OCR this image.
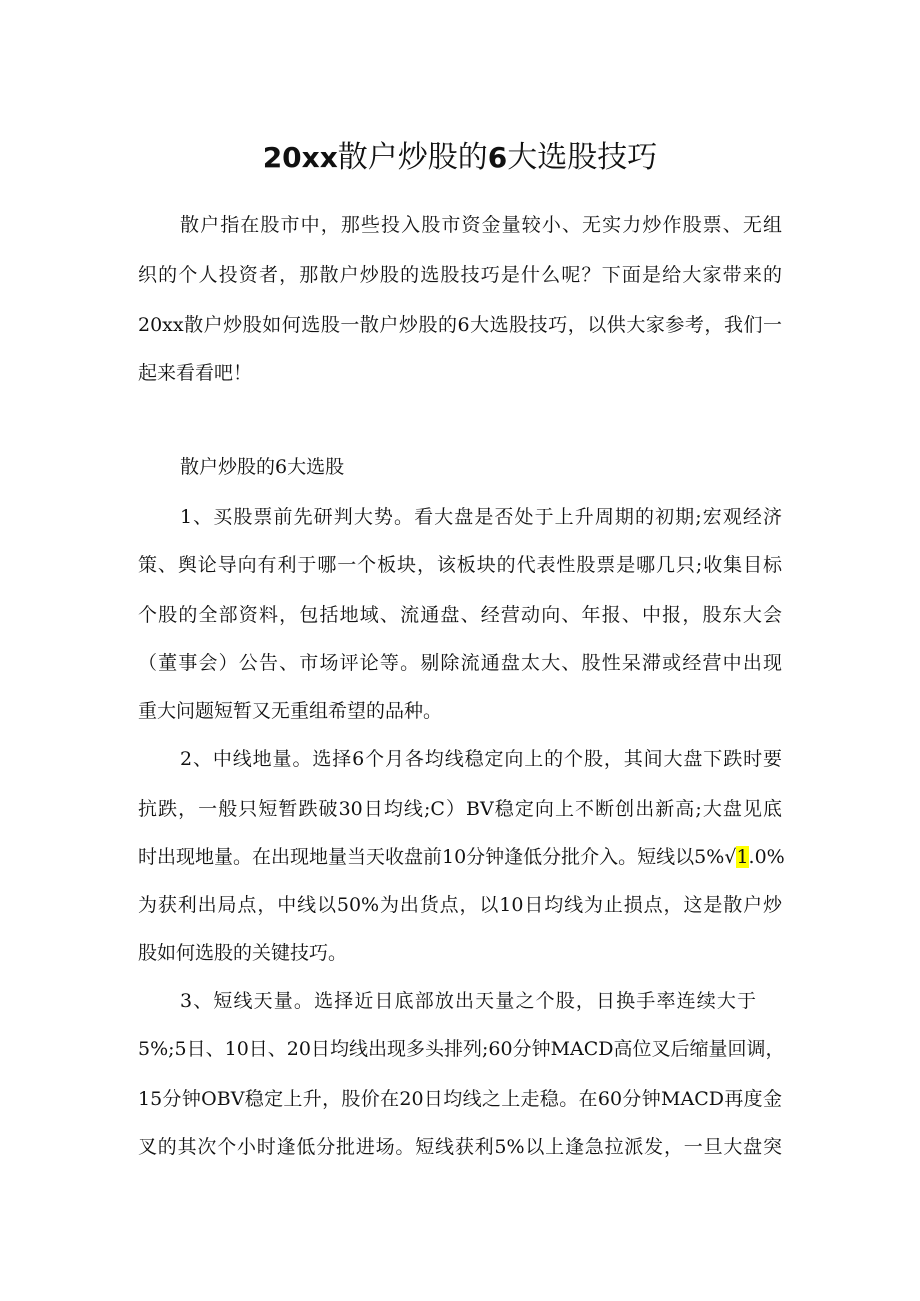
20xx散户炒股的6大选股技巧

散户指在股市中，那些投入股市资金量较小、无实力炒作股票、无组

织的个人投资者，那散户炒股的选股技巧是什么呢？下面是给大家带来的

20xx散户炒股如何选股一散户炒股的6大选股技巧，以供大家参考，我们一

起来看看吧！

散户炒股的6大选股

1、买股票前先研判大势。看大盘是否处于上升周期的初期;宏观经济

策、舆论导向有利于哪一个板块，该板块的代表性股票是哪几只;收集目标

个股的全部资料，包括地域、流通盘、经营动向、年报、中报，股东大会

（董事会）公告、市场评论等。剔除流通盘太大、股性呆滞或经营中出现

重大问题短暂又无重组希望的品种。

2、中线地量。选择6个月各均线稳定向上的个股，其间大盘下跌时要

抗跌，一般只短暂跌破30日均线;C）BV稳定向上不断创出新高;大盘见底

时出现地量。在出现地量当天收盘前10分钟逢低分批介入。短线以5%√1.0%

为获利出局点，中线以50%为出货点，以10日均线为止损点，这是散户炒

股如何选股的关键技巧。

3、短线天量。选择近日底部放出天量之个股，日换手率连续大于

5%;5日、10日、20日均线出现多头排列;60分钟MACD高位叉后缩量回调，

15分钟OBV稳定上升，股价在20日均线之上走稳。在60分钟MACD再度金

叉的其次个小时逢低分批进场。短线获利5%以上逢急拉派发，一旦大盘突
